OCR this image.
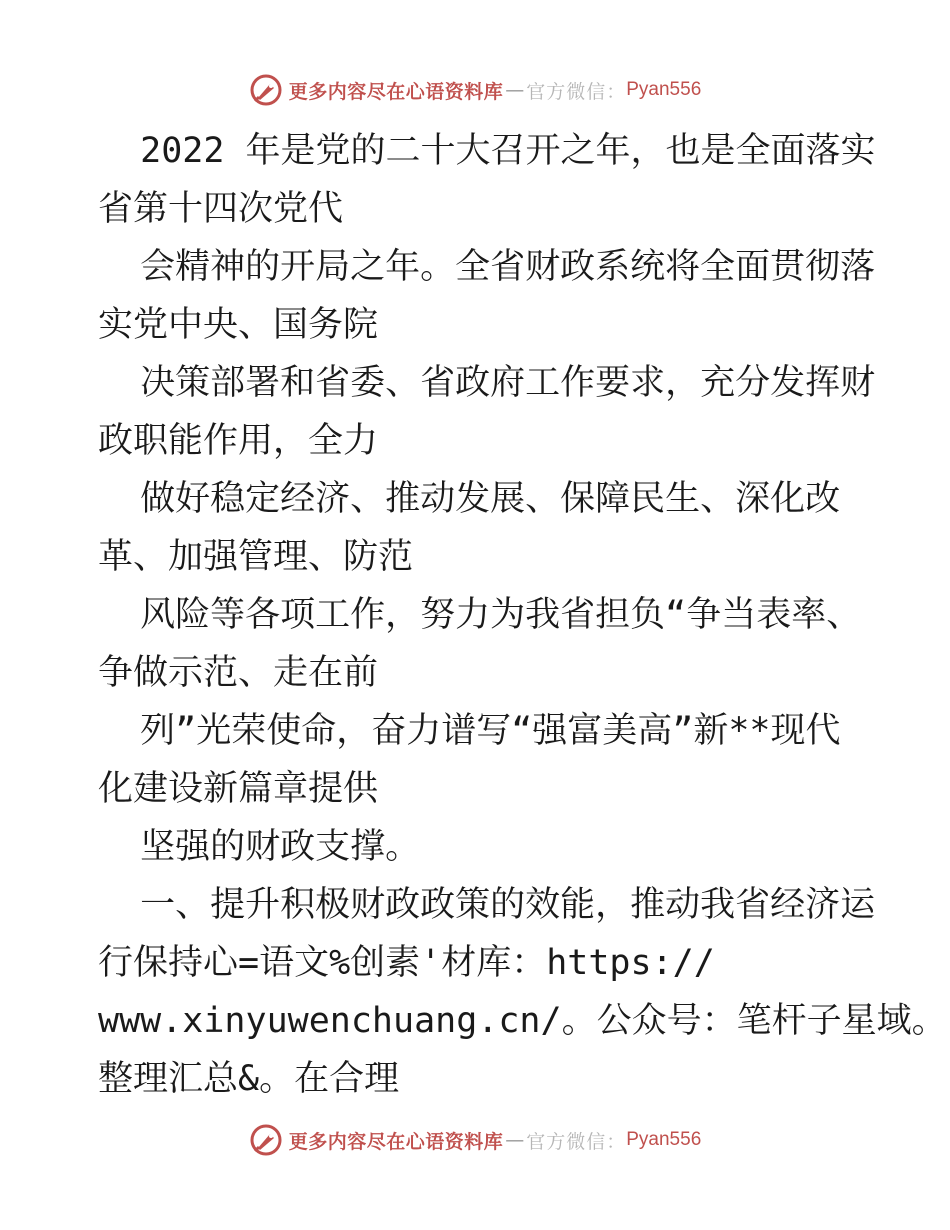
更多内容尽在心语资料库 — 官方微信： Pyan556
2022 年是党的二十大召开之年，也是全面落实
省第十四次党代
会精神的开局之年。全省财政系统将全面贯彻落
实党中央、国务院
决策部署和省委、省政府工作要求，充分发挥财
政职能作用，全力
做好稳定经济、推动发展、保障民生、深化改
革、加强管理、防范
风险等各项工作，努力为我省担负“争当表率、
争做示范、走在前
列”光荣使命，奋力谱写“强富美高”新**现代
化建设新篇章提供
坚强的财政支撑。
一、提升积极财政政策的效能，推动我省经济运
行保持心=语文%创素'材库：https://
www.xinyuwenchuang.cn/。公众号：笔杆子星域。
整理汇总&。在合理
更多内容尽在心语资料库 — 官方微信： Pyan556
